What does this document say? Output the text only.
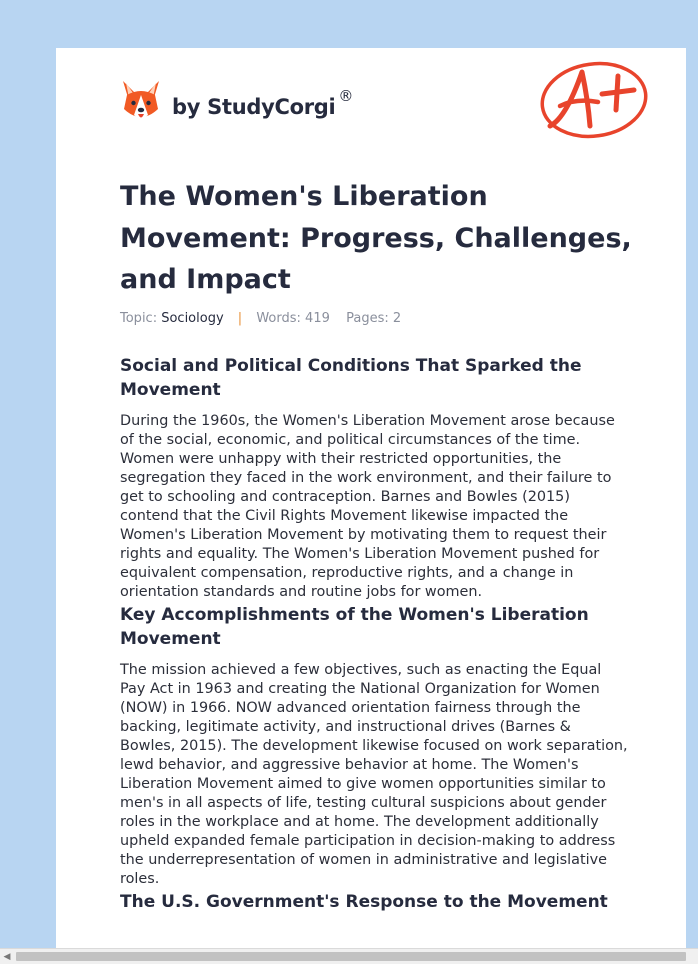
by StudyCorgi ®
The Women's Liberation Movement: Progress, Challenges, and Impact
Topic: Sociology | Words: 419 Pages: 2
Social and Political Conditions That Sparked the Movement

During the 1960s, the Women's Liberation Movement arose because of the social, economic, and political circumstances of the time. Women were unhappy with their restricted opportunities, the segregation they faced in the work environment, and their failure to get to schooling and contraception. Barnes and Bowles (2015) contend that the Civil Rights Movement likewise impacted the Women's Liberation Movement by motivating them to request their rights and equality. The Women's Liberation Movement pushed for equivalent compensation, reproductive rights, and a change in orientation standards and routine jobs for women.

Key Accomplishments of the Women's Liberation Movement

The mission achieved a few objectives, such as enacting the Equal Pay Act in 1963 and creating the National Organization for Women (NOW) in 1966. NOW advanced orientation fairness through the backing, legitimate activity, and instructional drives (Barnes & Bowles, 2015). The development likewise focused on work separation, lewd behavior, and aggressive behavior at home. The Women's Liberation Movement aimed to give women opportunities similar to men's in all aspects of life, testing cultural suspicions about gender roles in the workplace and at home. The development additionally upheld expanded female participation in decision-making to address the underrepresentation of women in administrative and legislative roles.

The U.S. Government's Response to the Movement
◀
